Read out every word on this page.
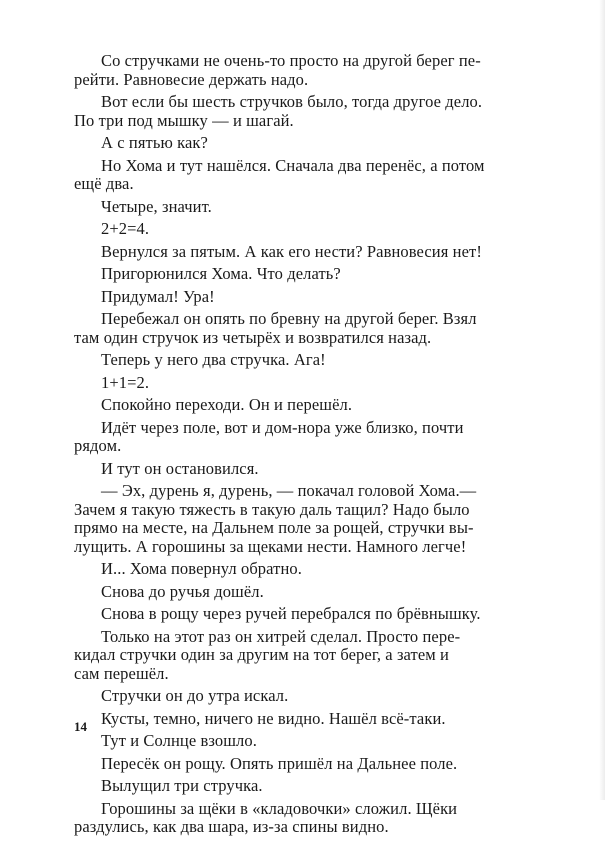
Со стручками не очень-то просто на другой берег пе-
рейти. Равновесие держать надо.

Вот если бы шесть стручков было, тогда другое дело.
По три под мышку — и шагай.

А с пятью как?

Но Хома и тут нашёлся. Сначала два перенёс, а потом
ещё два.

Четыре, значит.

2+2=4.

Вернулся за пятым. А как его нести? Равновесия нет!

Пригорюнился Хома. Что делать?

Придумал! Ура!

Перебежал он опять по бревну на другой берег. Взял
там один стручок из четырёх и возвратился назад.

Теперь у него два стручка. Ага!

1+1=2.

Спокойно переходи. Он и перешёл.

Идёт через поле, вот и дом-нора уже близко, почти
рядом.

И тут он остановился.

— Эх, дурень я, дурень, — покачал головой Хома.—
Зачем я такую тяжесть в такую даль тащил? Надо было
прямо на месте, на Дальнем поле за рощей, стручки вы-
лущить. А горошины за щеками нести. Намного легче!

И... Хома повернул обратно.

Снова до ручья дошёл.

Снова в рощу через ручей перебрался по брёвнышку.

Только на этот раз он хитрей сделал. Просто пере-
кидал стручки один за другим на тот берег, а затем и
сам перешёл.

Стручки он до утра искал.

Кусты, темно, ничего не видно. Нашёл всё-таки.

Тут и Солнце взошло.

Пересёк он рощу. Опять пришёл на Дальнее поле.

Вылущил три стручка.

Горошины за щёки в «кладовочки» сложил. Щёки
раздулись, как два шара, из-за спины видно.

14
